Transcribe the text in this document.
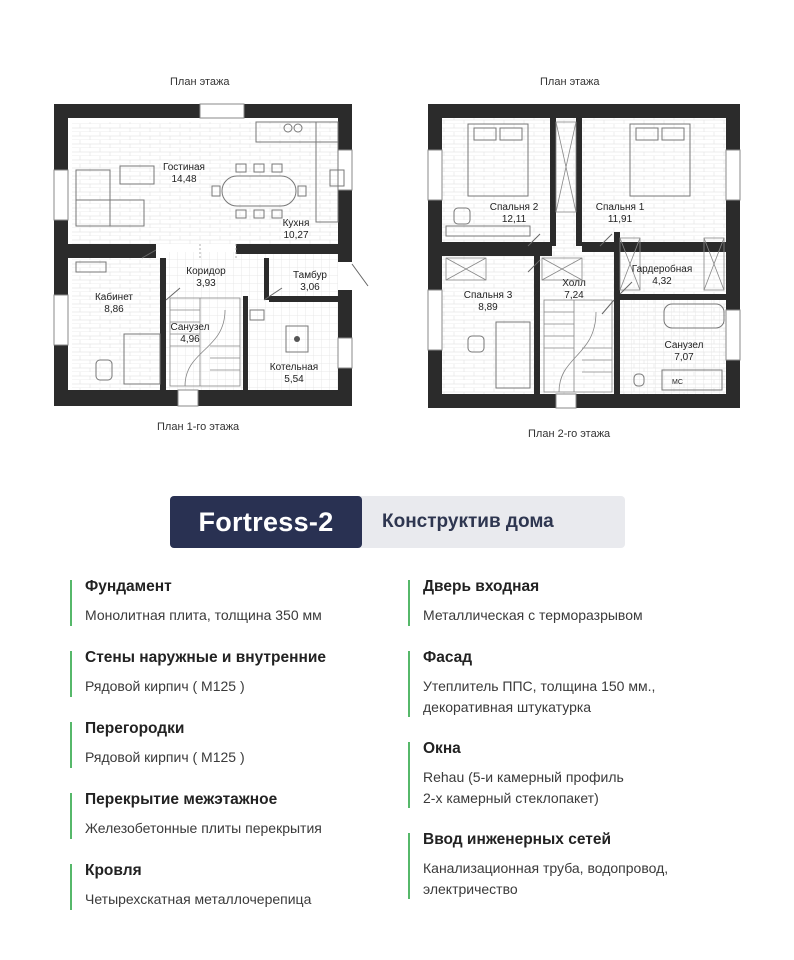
План этажа	План этажа
План 1-го этажа
План 2-го этажа
Гостиная
14,48
Кухня
10,27
Коридор
3,93
Тамбур
3,06
Кабинет
8,86
Санузел
4,96
Котельная
5,54	МС
Спальня 2
12,11
Спальня 1
11,91
Холл
7,24
Гардеробная
4,32
Спальня 3
8,89
Санузел
7,07
Fortress-2	Конструктив дома
Фундамент
Монолитная плита, толщина 350 мм
Стены наружные и внутренние
Рядовой кирпич ( М125 )
Перегородки
Рядовой кирпич ( М125 )
Перекрытие межэтажное
Железобетонные плиты перекрытия
Кровля
Четырехскатная металлочерепица
Дверь входная
Металлическая с терморазрывом
Фасад
Утеплитель ППС, толщина 150 мм.,
декоративная штукатурка
Окна
Rehau (5-и камерный профиль
2-х камерный стеклопакет)
Ввод инженерных сетей
Канализационная труба, водопровод,
электричество
